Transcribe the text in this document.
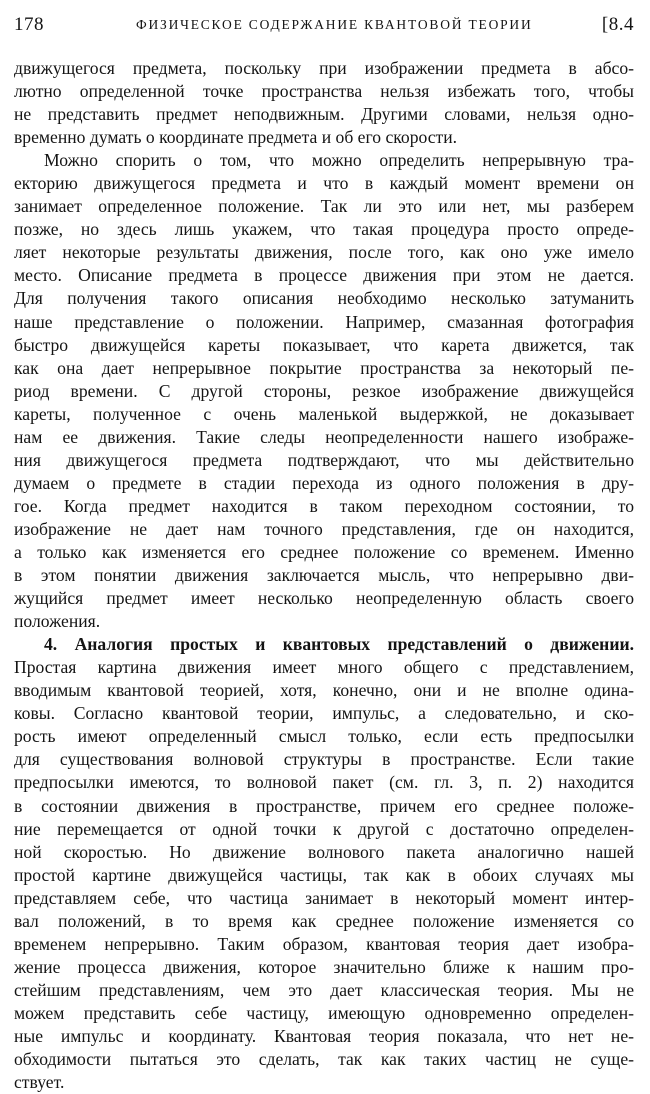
178	ФИЗИЧЕСКОЕ СОДЕРЖАНИЕ КВАНТОВОЙ ТЕОРИИ	[8.4
движущегося предмета, поскольку при изображении предмета в абсо-
лютно определенной точке пространства нельзя избежать того, чтобы
не представить предмет неподвижным. Другими словами, нельзя одно-
временно думать о координате предмета и об его скорости.
Можно спорить о том, что можно определить непрерывную тра-
екторию движущегося предмета и что в каждый момент времени он
занимает определенное положение. Так ли это или нет, мы разберем
позже, но здесь лишь укажем, что такая процедура просто опреде-
ляет некоторые результаты движения, после того, как оно уже имело
место. Описание предмета в процессе движения при этом не дается.
Для получения такого описания необходимо несколько затуманить
наше представление о положении. Например, смазанная фотография
быстро движущейся кареты показывает, что карета движется, так
как она дает непрерывное покрытие пространства за некоторый пе-
риод времени. С другой стороны, резкое изображение движущейся
кареты, полученное с очень маленькой выдержкой, не доказывает
нам ее движения. Такие следы неопределенности нашего изображе-
ния движущегося предмета подтверждают, что мы действительно
думаем о предмете в стадии перехода из одного положения в дру-
гое. Когда предмет находится в таком переходном состоянии, то
изображение не дает нам точного представления, где он находится,
а только как изменяется его среднее положение со временем. Именно
в этом понятии движения заключается мысль, что непрерывно дви-
жущийся предмет имеет несколько неопределенную область своего
положения.
4. Аналогия простых и квантовых представлений о движении.
Простая картина движения имеет много общего с представлением,
вводимым квантовой теорией, хотя, конечно, они и не вполне одина-
ковы. Согласно квантовой теории, импульс, а следовательно, и ско-
рость имеют определенный смысл только, если есть предпосылки
для существования волновой структуры в пространстве. Если такие
предпосылки имеются, то волновой пакет (см. гл. 3, п. 2) находится
в состоянии движения в пространстве, причем его среднее положе-
ние перемещается от одной точки к другой с достаточно определен-
ной скоростью. Но движение волнового пакета аналогично нашей
простой картине движущейся частицы, так как в обоих случаях мы
представляем себе, что частица занимает в некоторый момент интер-
вал положений, в то время как среднее положение изменяется со
временем непрерывно. Таким образом, квантовая теория дает изобра-
жение процесса движения, которое значительно ближе к нашим про-
стейшим представлениям, чем это дает классическая теория. Мы не
можем представить себе частицу, имеющую одновременно определен-
ные импульс и координату. Квантовая теория показала, что нет не-
обходимости пытаться это сделать, так как таких частиц не суще-
ствует.
